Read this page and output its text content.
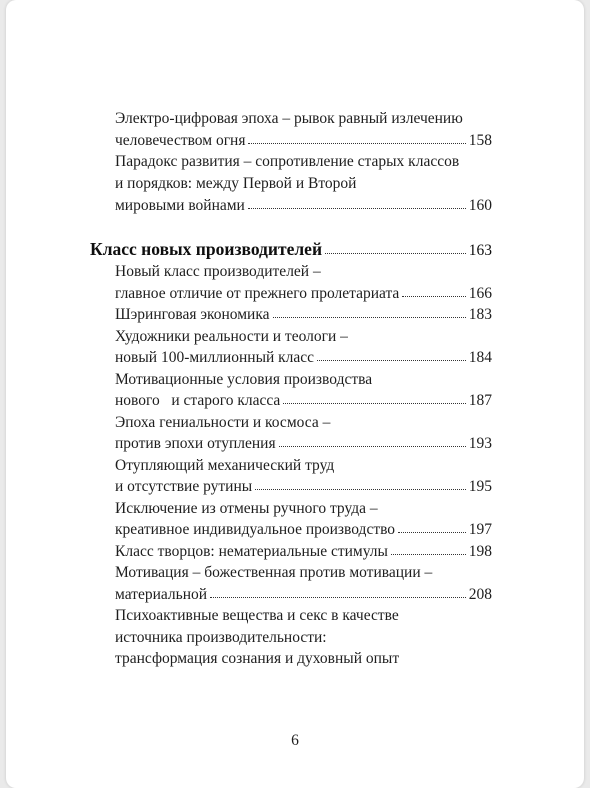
Электро-цифровая эпоха – рывок равный излечению
человечеством огня	158
Парадокс развития – сопротивление старых классов
и порядков: между Первой и Второй
мировыми войнами	160
Класс новых производителей	163
Новый класс производителей –
главное отличие от прежнего пролетариата	166
Шэринговая экономика	183
Художники реальности и теологи –
новый 100-миллионный класс	184
Мотивационные условия производства
нового   и старого класса	187
Эпоха гениальности и космоса –
против эпохи отупления	193
Отупляющий механический труд
и отсутствие рутины	195
Исключение из отмены ручного труда –
креативное индивидуальное производство	197
Класс творцов: нематериальные стимулы	198
Мотивация – божественная против мотивации –
материальной	208
Психоактивные вещества и секс в качестве
источника производительности:
трансформация сознания и духовный опыт
6
